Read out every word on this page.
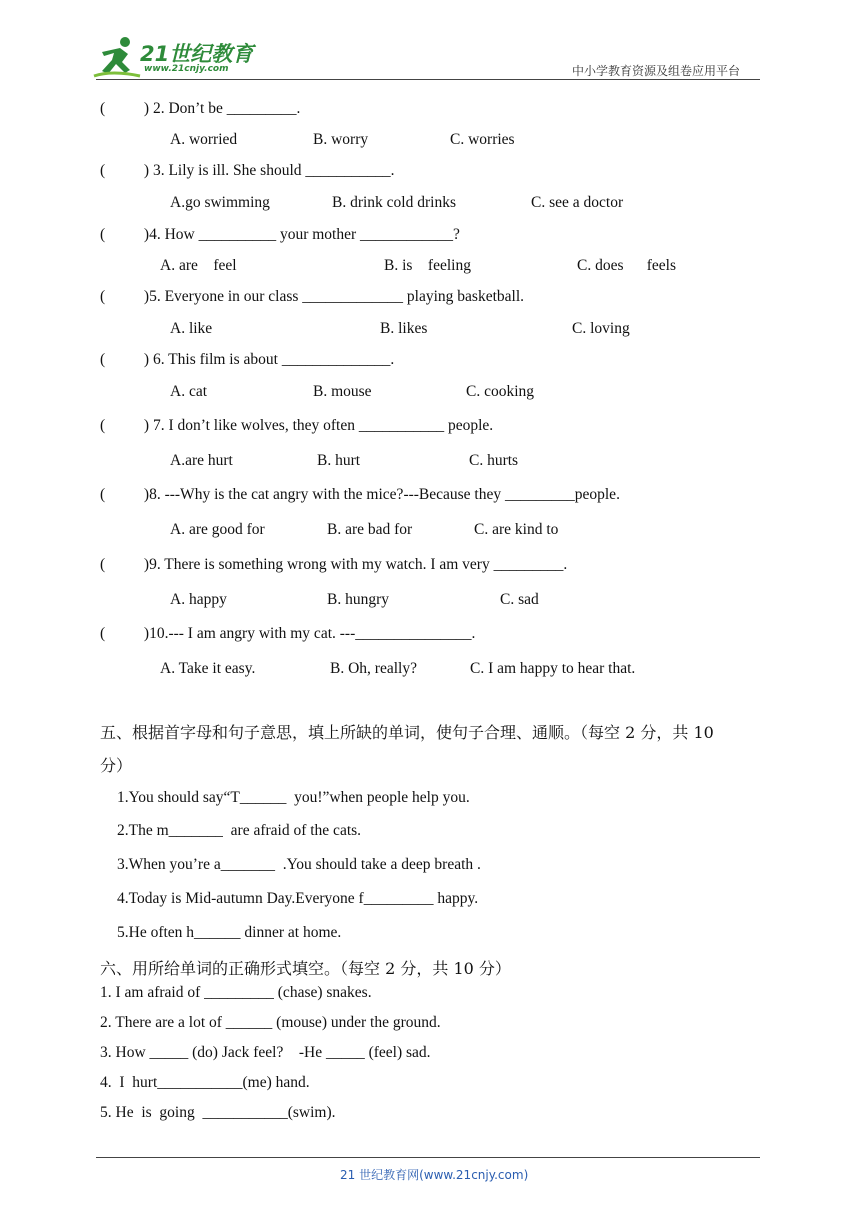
21世纪教育
www.21cnjy.com	中小学教育资源及组卷应用平台
(          ) 2. Don’t be _________.
A. worried	B. worry	C. worries
(          ) 3. Lily is ill. She should ___________.
A.go swimming	B. drink cold drinks	C. see a doctor
(          )4. How __________ your mother ____________?
A. are    feel	B. is    feeling	C. does      feels
(          )5. Everyone in our class _____________ playing basketball.
A. like	B. likes	C. loving
(          ) 6. This film is about ______________.
A. cat	B. mouse	C. cooking
(          ) 7. I don’t like wolves, they often ___________ people.
A.are hurt	B. hurt	C. hurts
(          )8. ---Why is the cat angry with the mice?---Because they _________people.
A. are good for	B. are bad for	C. are kind to
(          )9. There is something wrong with my watch. I am very _________.
A. happy	B. hungry	C. sad
(          )10.--- I am angry with my cat. ---_______________.
A. Take it easy.	B. Oh, really?	C. I am happy to hear that.
五、根据首字母和句子意思，填上所缺的单词，使句子合理、通顺。（每空 2 分，共 10
分）
1.You should say“T______  you!”when people help you.
2.The m_______  are afraid of the cats.
3.When you’re a_______  .You should take a deep breath .
4.Today is Mid-autumn Day.Everyone f_________ happy.
5.He often h______ dinner at home.
六、用所给单词的正确形式填空。（每空 2 分，共 10 分）
1. I am afraid of _________ (chase) snakes.
2. There are a lot of ______ (mouse) under the ground.
3. How _____ (do) Jack feel?    -He _____ (feel) sad.
4.  I  hurt___________(me) hand.
5. He  is  going  ___________(swim).
21 世纪教育网(www.21cnjy.com)
